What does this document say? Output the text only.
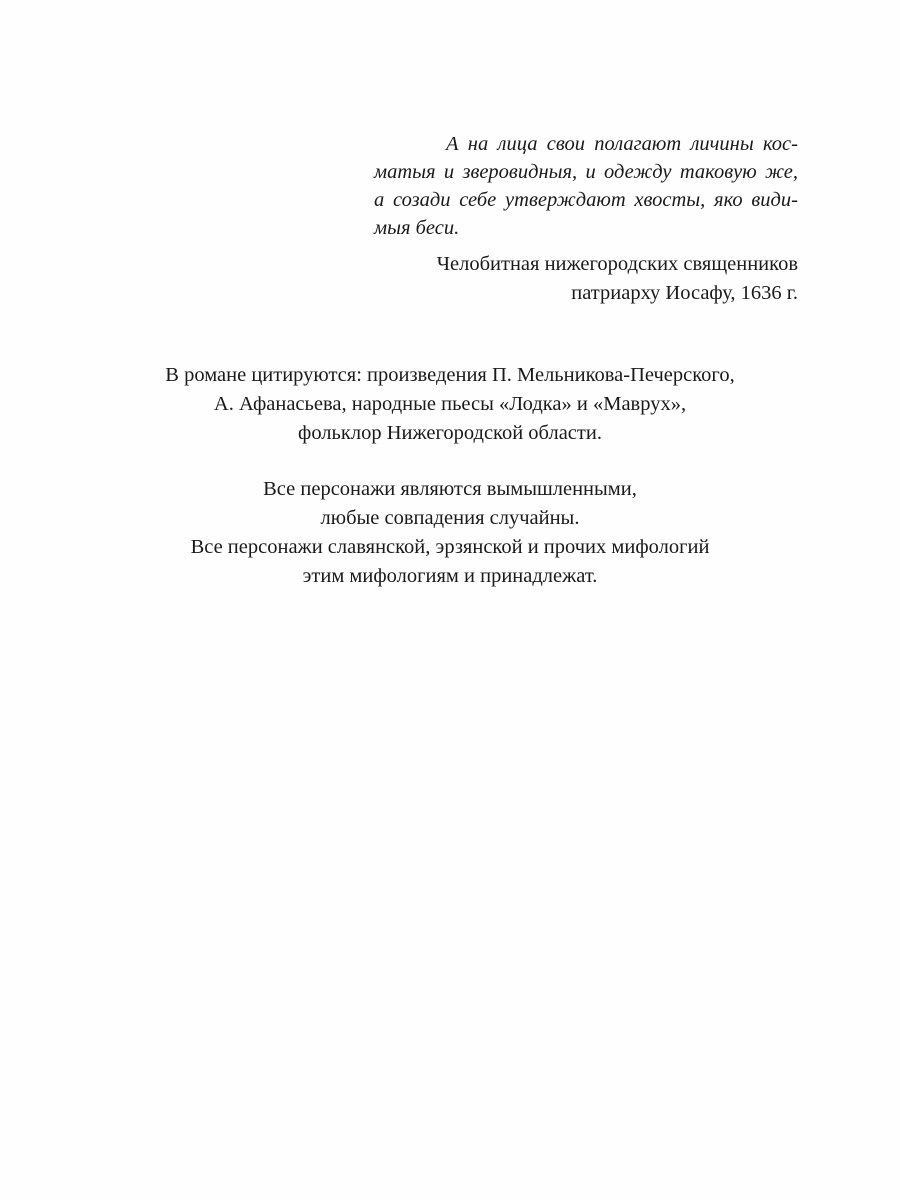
А на лица свои полагают личины кос-
матыя и зверовидныя, и одежду таковую же,
а созади себе утверждают хвосты, яко види-
мыя беси.

Челобитная нижегородских священников
патриарху Иосафу, 1636 г.
В романе цитируются: произведения П. Мельникова-Печерского,
А. Афанасьева, народные пьесы «Лодка» и «Маврух»,
фольклор Нижегородской области.
Все персонажи являются вымышленными,
любые совпадения случайны.
Все персонажи славянской, эрзянской и прочих мифологий
этим мифологиям и принадлежат.
